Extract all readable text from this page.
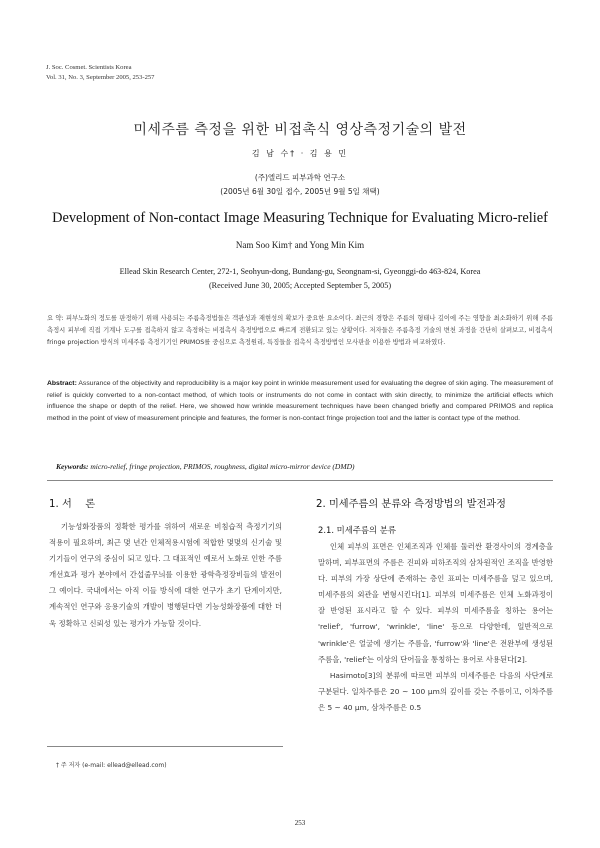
J. Soc. Cosmet. Scientists Korea
Vol. 31, No. 3, September 2005, 253-257
미세주름 측정을 위한 비접촉식 영상측정기술의 발전
김 남 수† · 김 용 민
(주)엘리드 피부과학 연구소
(2005년 6월 30일 접수, 2005년 9월 5일 채택)
Development of Non-contact Image Measuring Technique for Evaluating Micro-relief
Nam Soo Kim† and Yong Min Kim
Ellead Skin Research Center, 272-1, Seohyun-dong, Bundang-gu, Seongnam-si, Gyeonggi-do 463-824, Korea
(Received June 30, 2005; Accepted September 5, 2005)
요 약: 피부노화의 정도를 판정하기 위해 사용되는 주름측정법들은 객관성과 재현성의 확보가 중요한 요소이다. 최근의 경향은 주름의 형태나 깊이에 주는 영향을 최소화하기 위해 주름 측정시 피부에 직접 기계나 도구를 접촉하지 않고 측정하는 비접촉식 측정방법으로 빠르게 전환되고 있는 상황이다. 저자들은 주름측정 기술의 변천 과정을 간단히 살펴보고, 비접촉식 fringe projection 방식의 미세주름 측정기기인 PRIMOS를 중심으로 측정원리, 특징들을 접촉식 측정방법인 모사판을 이용한 방법과 비교하였다.
Abstract: Assurance of the objectivity and reproducibility is a major key point in wrinkle measurement used for evaluating the degree of skin aging. The measurement of relief is quickly converted to a non-contact method, of which tools or instruments do not come in contact with skin directly, to minimize the artificial effects which influence the shape or depth of the relief. Here, we showed how wrinkle measurement techniques have been changed briefly and compared PRIMOS and replica method in the point of view of measurement principle and features, the former is non-contact fringe projection tool and the latter is contact type of the method.
Keywords: micro-relief, fringe projection, PRIMOS, roughness, digital micro-mirror device (DMD)
1. 서　 론

기능성화장품의 정확한 평가를 위하여 새로운 비침습적 측정기기의 적용이 필요하며, 최근 몇 년간 인체적용시험에 적합한 몇몇의 신기술 및 기기들이 연구의 중심이 되고 있다. 그 대표적인 예로서 노화로 인한 주름개선효과 평가 분야에서 간섭줄무늬를 이용한 광학측정장비들의 발전이 그 예이다. 국내에서는 아직 이들 방식에 대한 연구가 초기 단계이지만, 계속적인 연구와 응용기술의 개발이 병행된다면 기능성화장품에 대한 더욱 정확하고 신뢰성 있는 평가가 가능할 것이다.

2. 미세주름의 분류와 측정방법의 발전과정
2.1. 미세주름의 분류

인체 피부의 표면은 인체조직과 인체를 둘러싼 환경사이의 경계층을 말하며, 피부표면의 주름은 진피와 피하조직의 삼차원적인 조직을 반영한다. 피부의 가장 상단에 존재하는 층인 표피는 미세주름을 덮고 있으며, 미세주름의 외관을 변형시킨다[1]. 피부의 미세주름은 인체 노화과정이 잘 반영된 표시라고 할 수 있다. 피부의 미세주름을 칭하는 용어는 'relief', 'furrow', 'wrinkle', 'line' 등으로 다양한데, 일반적으로 'wrinkle'은 얼굴에 생기는 주름을, 'furrow'와 'line'은 전완부에 생성된 주름을, 'relief'는 이상의 단어들을 통칭하는 용어로 사용된다[2].

Hasimoto[3]의 분류에 따르면 피부의 미세주름은 다음의 사단계로 구분된다. 일차주름은 20 ~ 100 μm의 깊이를 갖는 주름이고, 이차주름은 5 ~ 40 μm, 삼차주름은 0.5

† 주 저자 (e-mail: ellead@ellead.com)
253
